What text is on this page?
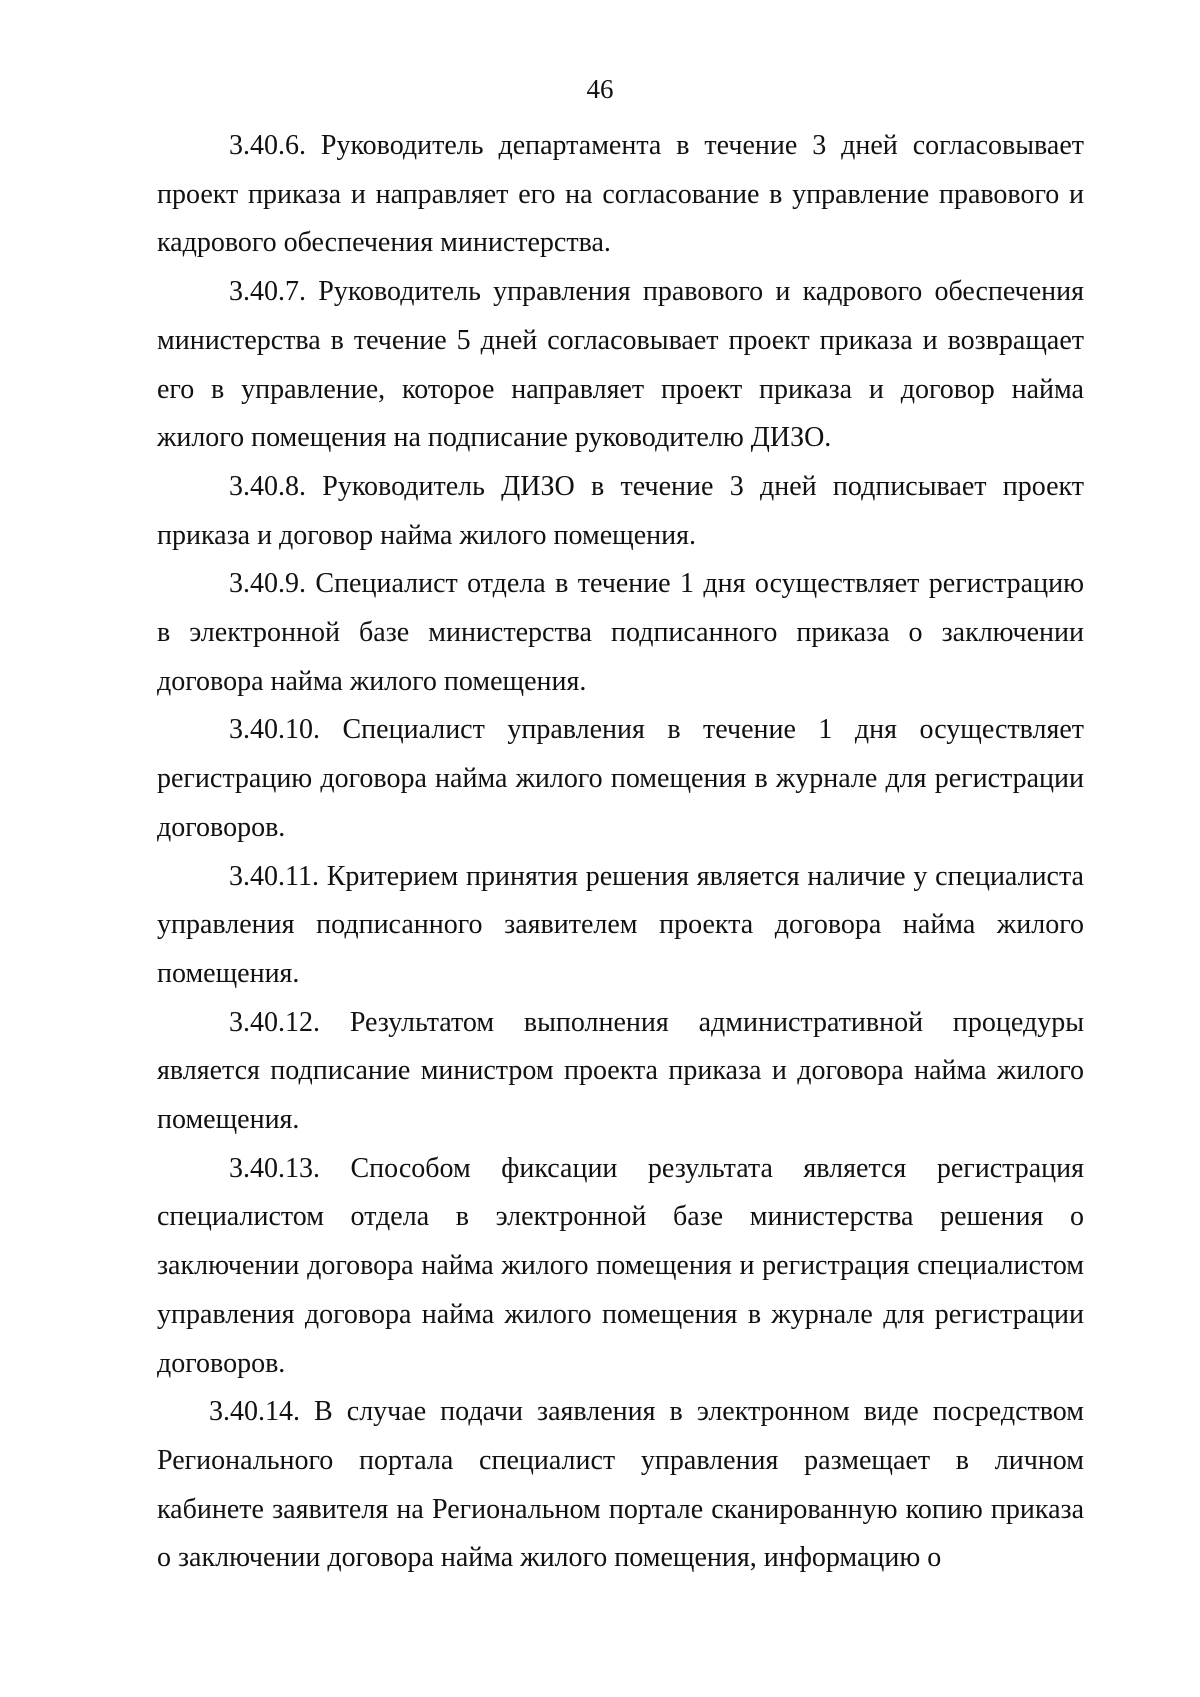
46

3.40.6. Руководитель департамента в течение 3 дней согласовывает проект приказа и направляет его на согласование в управление правового и кадрового обеспечения министерства.

3.40.7. Руководитель управления правового и кадрового обеспечения министерства в течение 5 дней согласовывает проект приказа и возвращает его в управление, которое направляет проект приказа и договор найма жилого помещения на подписание руководителю ДИЗО.

3.40.8. Руководитель ДИЗО в течение 3 дней подписывает проект приказа и договор найма жилого помещения.

3.40.9. Специалист отдела в течение 1 дня осуществляет регистрацию в электронной базе министерства подписанного приказа о заключении договора найма жилого помещения.

3.40.10. Специалист управления в течение 1 дня осуществляет регистрацию договора найма жилого помещения в журнале для регистрации договоров.

3.40.11. Критерием принятия решения является наличие у специалиста управления подписанного заявителем проекта договора найма жилого помещения.

3.40.12. Результатом выполнения административной процедуры является подписание министром проекта приказа и договора найма жилого помещения.

3.40.13. Способом фиксации результата является регистрация специалистом отдела в электронной базе министерства решения о заключении договора найма жилого помещения и регистрация специалистом управления договора найма жилого помещения в журнале для регистрации договоров.

3.40.14. В случае подачи заявления в электронном виде посредством Регионального портала специалист управления размещает в личном кабинете заявителя на Региональном портале сканированную копию приказа о заключении договора найма жилого помещения, информацию о
